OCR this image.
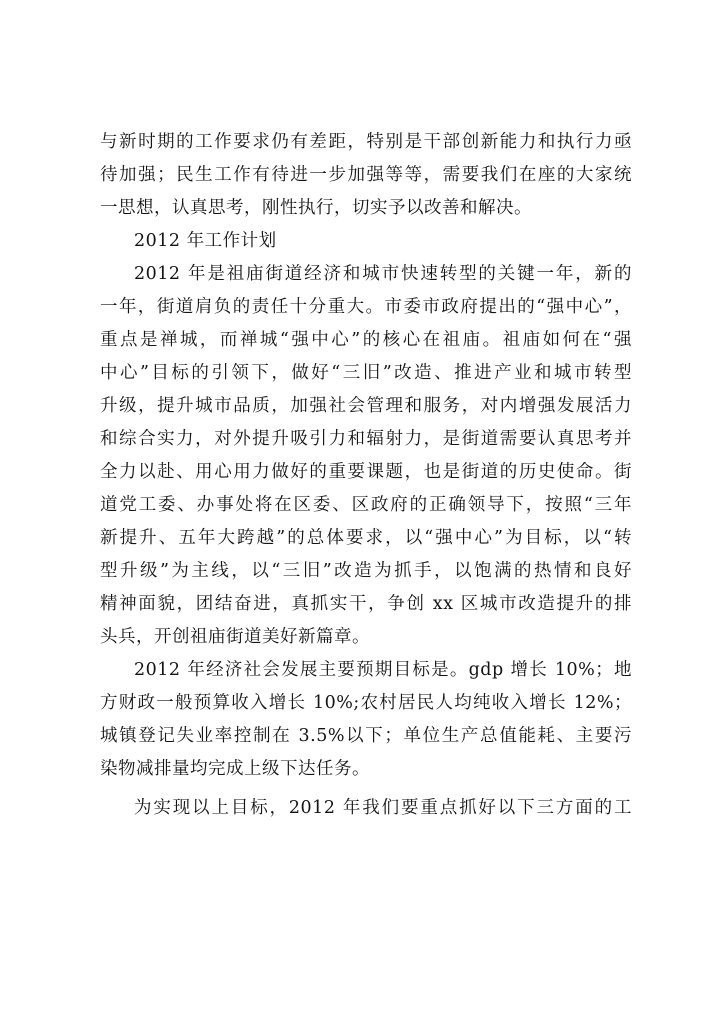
与新时期的工作要求仍有差距，特别是干部创新能力和执行力亟
待加强；民生工作有待进一步加强等等，需要我们在座的大家统
一思想，认真思考，刚性执行，切实予以改善和解决。
2012 年工作计划
2012 年是祖庙街道经济和城市快速转型的关键一年，新的
一年，街道肩负的责任十分重大。市委市政府提出的“强中心”，
重点是禅城，而禅城“强中心”的核心在祖庙。祖庙如何在“强
中心”目标的引领下，做好“三旧”改造、推进产业和城市转型
升级，提升城市品质，加强社会管理和服务，对内增强发展活力
和综合实力，对外提升吸引力和辐射力，是街道需要认真思考并
全力以赴、用心用力做好的重要课题，也是街道的历史使命。街
道党工委、办事处将在区委、区政府的正确领导下，按照“三年
新提升、五年大跨越”的总体要求，以“强中心”为目标，以“转
型升级”为主线，以“三旧”改造为抓手，以饱满的热情和良好
精神面貌，团结奋进，真抓实干，争创 xx 区城市改造提升的排
头兵，开创祖庙街道美好新篇章。
2012 年经济社会发展主要预期目标是。gdp 增长 10%；地
方财政一般预算收入增长 10%;农村居民人均纯收入增长 12%；
城镇登记失业率控制在 3.5%以下；单位生产总值能耗、主要污
染物减排量均完成上级下达任务。
为实现以上目标，2012 年我们要重点抓好以下三方面的工
